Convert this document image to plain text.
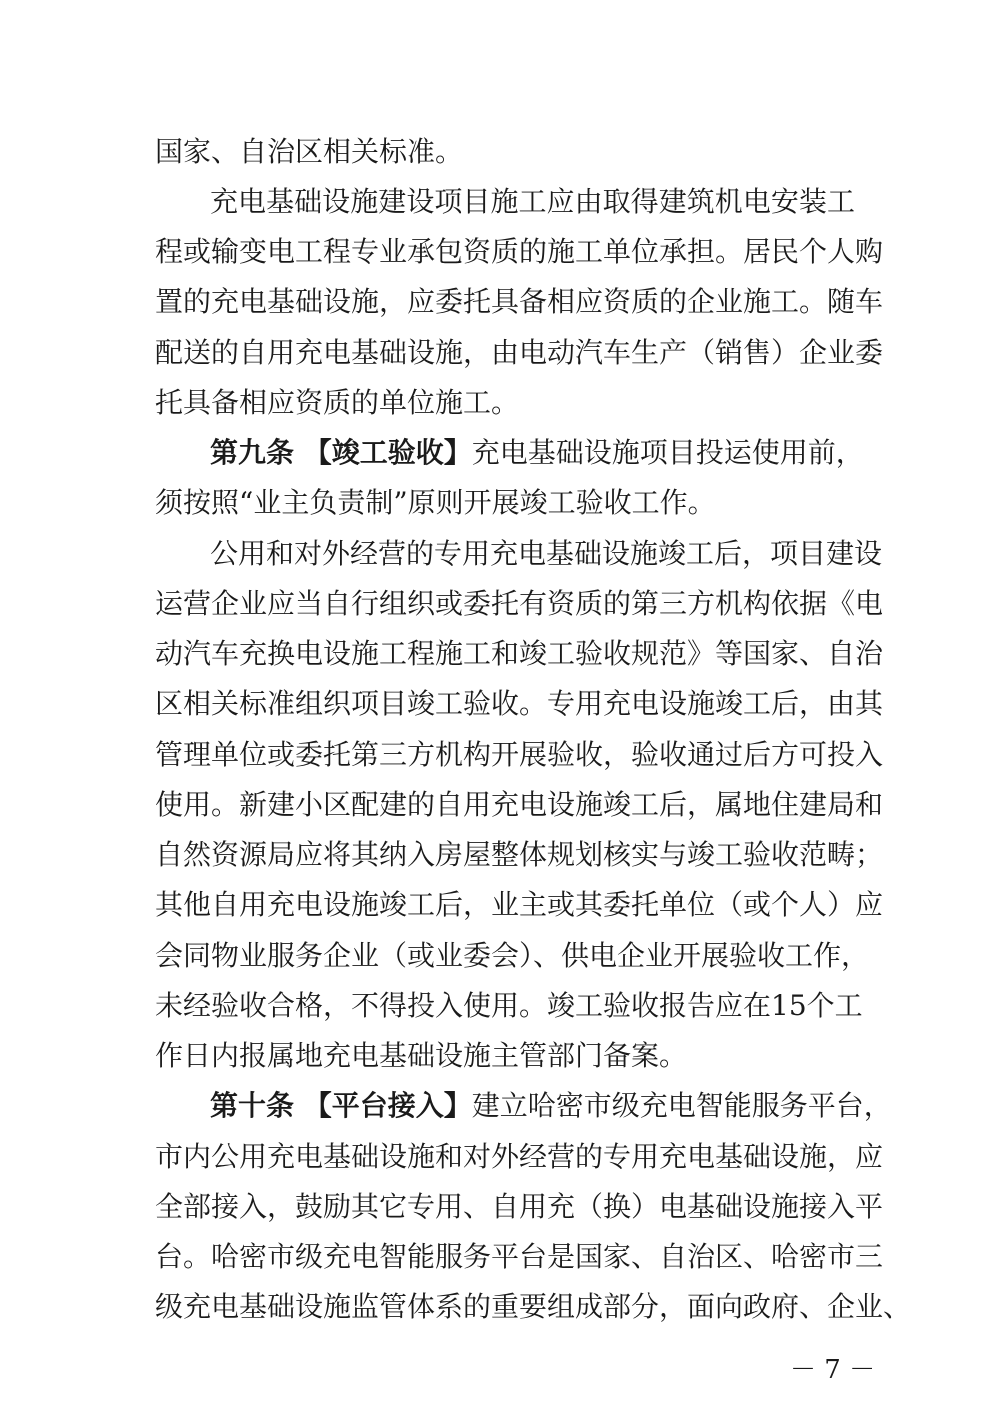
国家、自治区相关标准。
充电基础设施建设项目施工应由取得建筑机电安装工
程或输变电工程专业承包资质的施工单位承担。居民个人购
置的充电基础设施，应委托具备相应资质的企业施工。随车
配送的自用充电基础设施，由电动汽车生产（销售）企业委
托具备相应资质的单位施工。
第九条 【竣工验收】充电基础设施项目投运使用前，
须按照“业主负责制”原则开展竣工验收工作。
公用和对外经营的专用充电基础设施竣工后，项目建设
运营企业应当自行组织或委托有资质的第三方机构依据《电
动汽车充换电设施工程施工和竣工验收规范》等国家、自治
区相关标准组织项目竣工验收。专用充电设施竣工后，由其
管理单位或委托第三方机构开展验收，验收通过后方可投入
使用。新建小区配建的自用充电设施竣工后，属地住建局和
自然资源局应将其纳入房屋整体规划核实与竣工验收范畴；
其他自用充电设施竣工后，业主或其委托单位（或个人）应
会同物业服务企业（或业委会）、供电企业开展验收工作，
未经验收合格，不得投入使用。竣工验收报告应在15个工
作日内报属地充电基础设施主管部门备案。
第十条 【平台接入】建立哈密市级充电智能服务平台，
市内公用充电基础设施和对外经营的专用充电基础设施，应
全部接入，鼓励其它专用、自用充（换）电基础设施接入平
台。哈密市级充电智能服务平台是国家、自治区、哈密市三
级充电基础设施监管体系的重要组成部分，面向政府、企业、
－ 7 －
